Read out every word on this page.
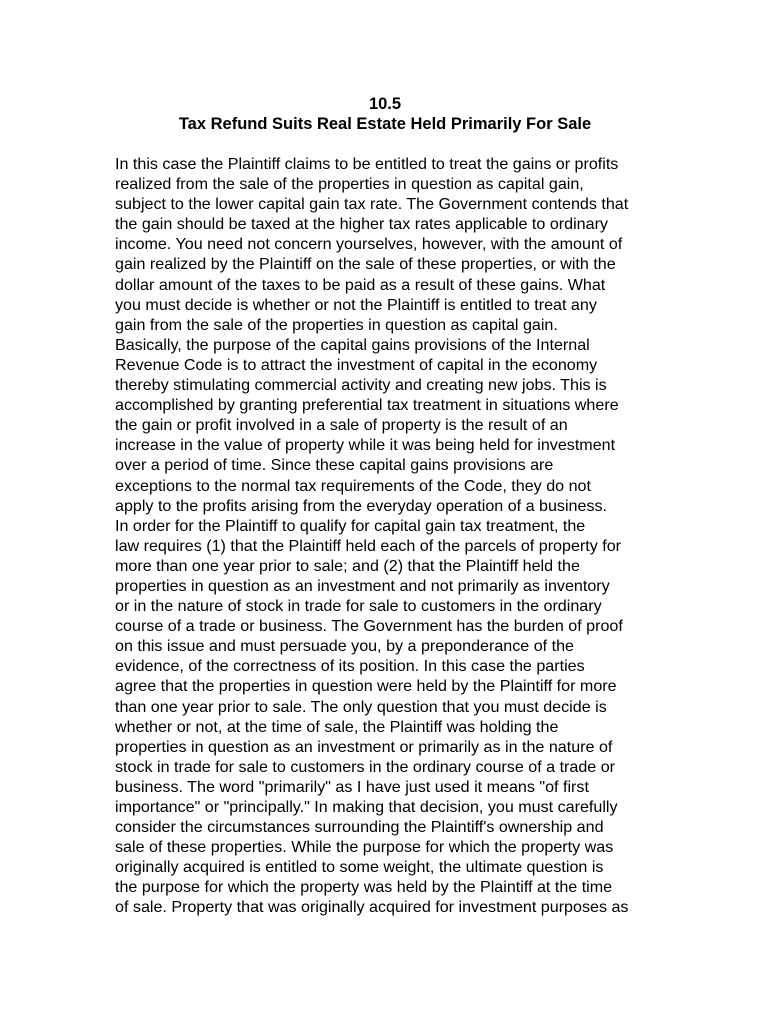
10.5
Tax Refund Suits Real Estate Held Primarily For Sale
In this case the Plaintiff claims to be entitled to treat the gains or profits
realized from the sale of the properties in question as capital gain,
subject to the lower capital gain tax rate. The Government contends that
the gain should be taxed at the higher tax rates applicable to ordinary
income. You need not concern yourselves, however, with the amount of
gain realized by the Plaintiff on the sale of these properties, or with the
dollar amount of the taxes to be paid as a result of these gains. What
you must decide is whether or not the Plaintiff is entitled to treat any
gain from the sale of the properties in question as capital gain.
Basically, the purpose of the capital gains provisions of the Internal
Revenue Code is to attract the investment of capital in the economy
thereby stimulating commercial activity and creating new jobs. This is
accomplished by granting preferential tax treatment in situations where
the gain or profit involved in a sale of property is the result of an
increase in the value of property while it was being held for investment
over a period of time. Since these capital gains provisions are
exceptions to the normal tax requirements of the Code, they do not
apply to the profits arising from the everyday operation of a business.
In order for the Plaintiff to qualify for capital gain tax treatment, the
law requires (1) that the Plaintiff held each of the parcels of property for
more than one year prior to sale; and (2) that the Plaintiff held the
properties in question as an investment and not primarily as inventory
or in the nature of stock in trade for sale to customers in the ordinary
course of a trade or business. The Government has the burden of proof
on this issue and must persuade you, by a preponderance of the
evidence, of the correctness of its position. In this case the parties
agree that the properties in question were held by the Plaintiff for more
than one year prior to sale. The only question that you must decide is
whether or not, at the time of sale, the Plaintiff was holding the
properties in question as an investment or primarily as in the nature of
stock in trade for sale to customers in the ordinary course of a trade or
business. The word "primarily" as I have just used it means "of first
importance" or "principally." In making that decision, you must carefully
consider the circumstances surrounding the Plaintiff's ownership and
sale of these properties. While the purpose for which the property was
originally acquired is entitled to some weight, the ultimate question is
the purpose for which the property was held by the Plaintiff at the time
of sale. Property that was originally acquired for investment purposes as
